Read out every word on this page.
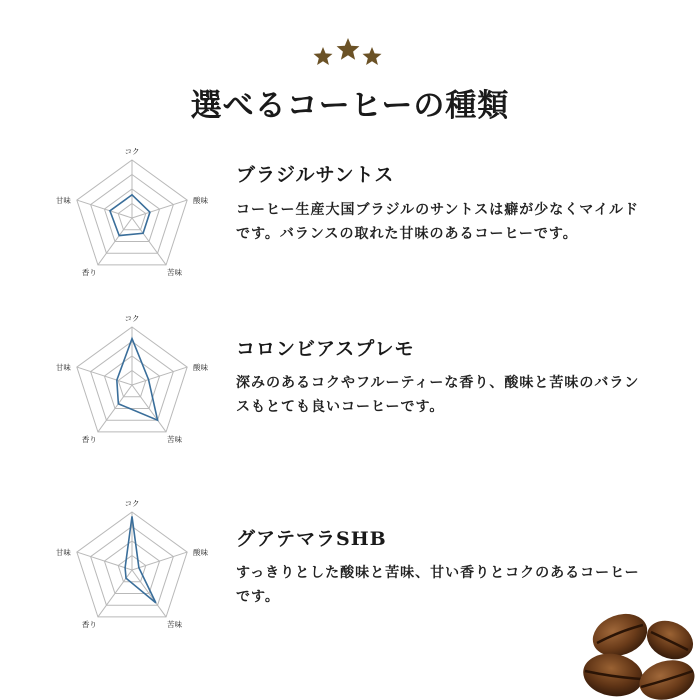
選べるコーヒーの種類
コク
酸味
苦味
香り
甘味
ブラジルサントス

コーヒー生産大国ブラジルのサントスは癖が少なくマイルドです。バランスの取れた甘味のあるコーヒーです。

コク
酸味
苦味
香り
甘味
コロンビアスプレモ

深みのあるコクやフルーティーな香り、酸味と苦味のバランスもとても良いコーヒーです。

コク
酸味
苦味
香り
甘味
グアテマラSHB

すっきりとした酸味と苦味、甘い香りとコクのあるコーヒーです。
